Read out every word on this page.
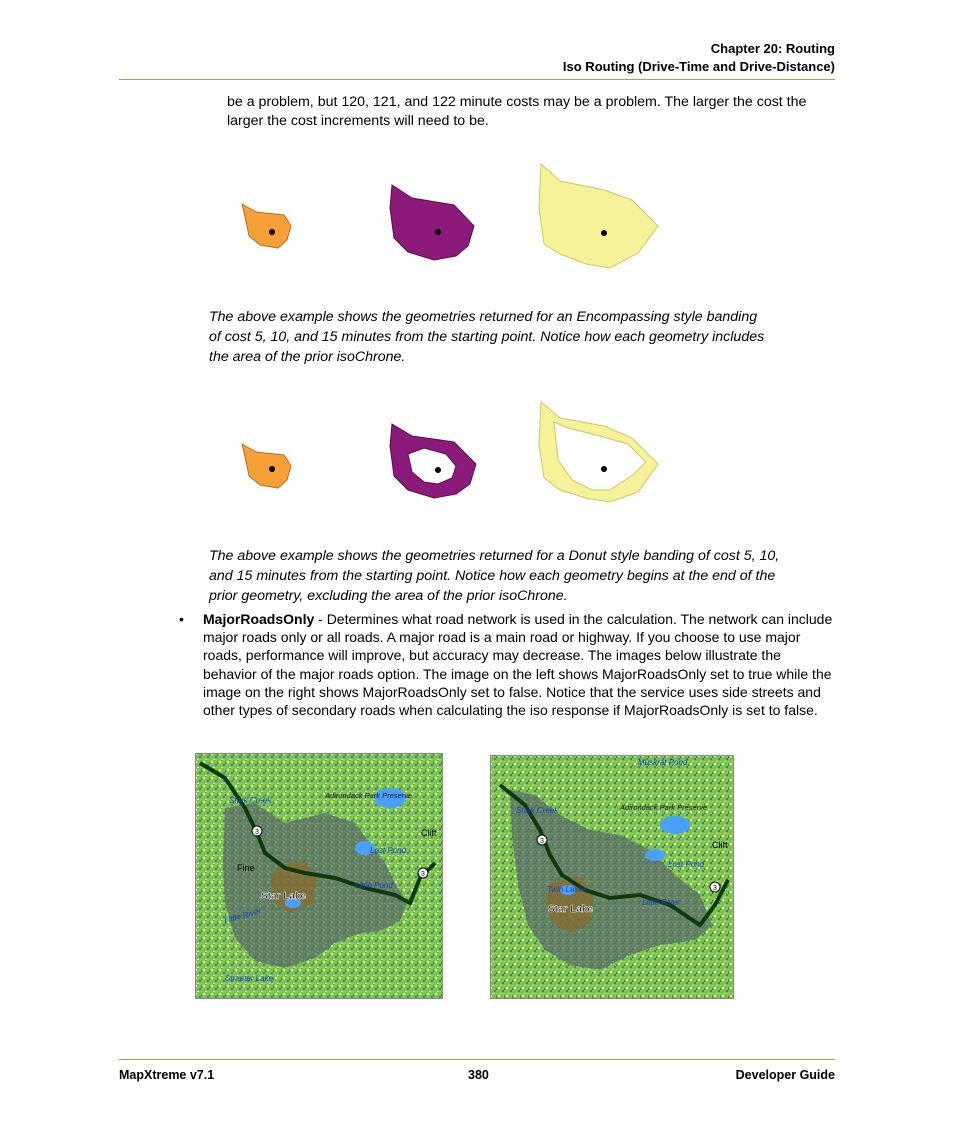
Chapter 20: Routing
Iso Routing (Drive-Time and Drive-Distance)
be a problem, but 120, 121, and 122 minute costs may be a problem. The larger the cost the larger the cost increments will need to be.
The above example shows the geometries returned for an Encompassing style banding of cost 5, 10, and 15 minutes from the starting point. Notice how each geometry includes the area of the prior isoChrone.
The above example shows the geometries returned for a Donut style banding of cost 5, 10, and 15 minutes from the starting point. Notice how each geometry begins at the end of the prior geometry, excluding the area of the prior isoChrone.
• MajorRoadsOnly - Determines what road network is used in the calculation. The network can include major roads only or all roads. A major road is a main road or highway. If you choose to use major roads, performance will improve, but accuracy may decrease. The images below illustrate the behavior of the major roads option. The image on the left shows MajorRoadsOnly set to true while the image on the right shows MajorRoadsOnly set to false. Notice that the service uses side streets and other types of secondary roads when calculating the iso response if MajorRoadsOnly is set to false.
3
3
Stark Creek
Adirondack Park Preserve
Clift
Fine
Star Lake
Little Pond
Lost Pond
Little River
Streeter Lake
3
3
Muskrat Pond
Stark Creek	Adirondack Park Preserve
Clift
Lost Pond
Twin Lakes
Star Lake
Little River
MapXtreme v7.1	380	Developer Guide
